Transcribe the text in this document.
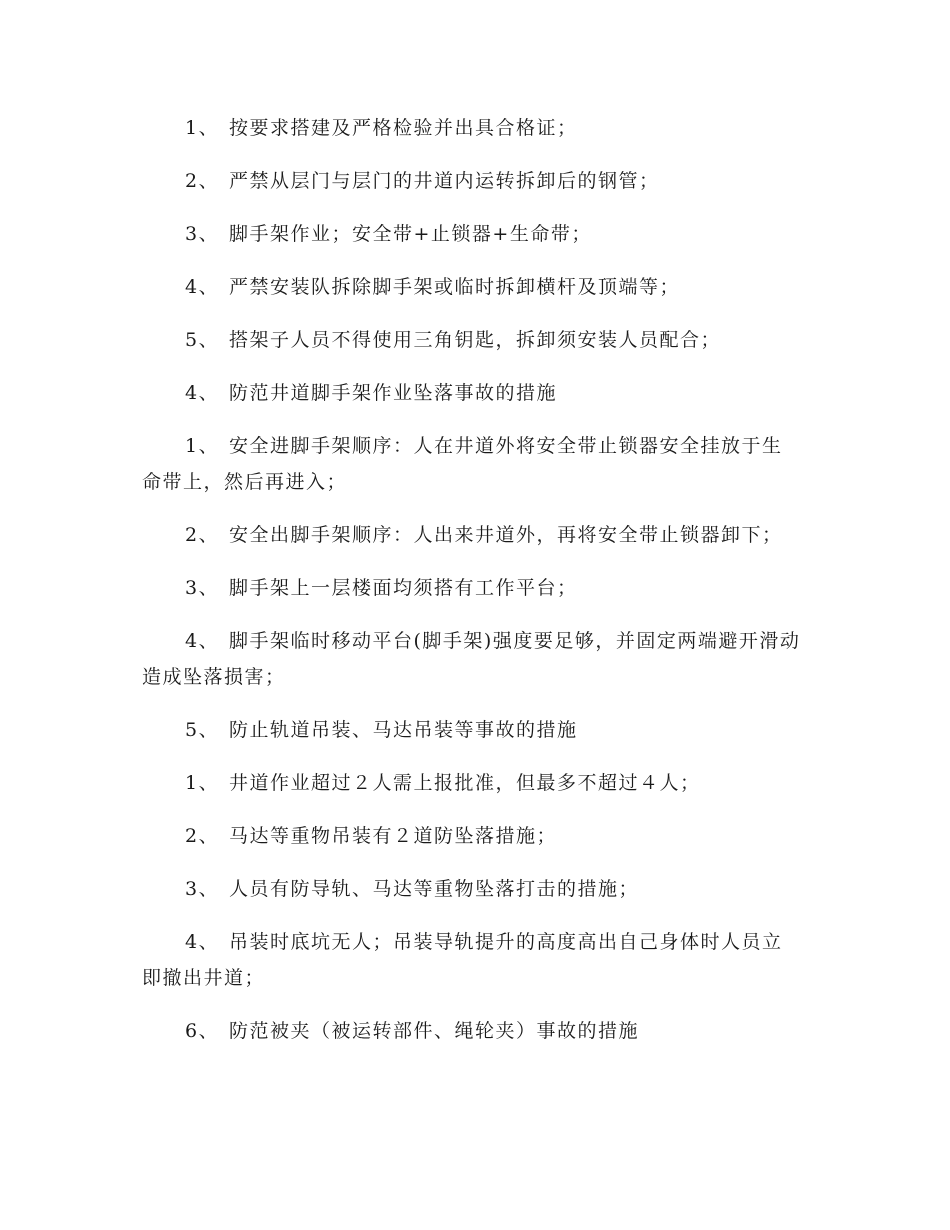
1、 按要求搭建及严格检验并出具合格证；

2、 严禁从层门与层门的井道内运转拆卸后的钢管；

3、 脚手架作业；安全带+止锁器+生命带；

4、 严禁安装队拆除脚手架或临时拆卸横杆及顶端等；

5、 搭架子人员不得使用三角钥匙，拆卸须安装人员配合；

4、 防范井道脚手架作业坠落事故的措施

1、 安全进脚手架顺序：人在井道外将安全带止锁器安全挂放于生命带上，然后再进入；

2、 安全出脚手架顺序：人出来井道外，再将安全带止锁器卸下；

3、 脚手架上一层楼面均须搭有工作平台；

4、 脚手架临时移动平台(脚手架)强度要足够，并固定两端避开滑动造成坠落损害；

5、 防止轨道吊装、马达吊装等事故的措施

1、 井道作业超过２人需上报批准，但最多不超过４人；

2、 马达等重物吊装有２道防坠落措施；

3、 人员有防导轨、马达等重物坠落打击的措施；

4、 吊装时底坑无人；吊装导轨提升的高度高出自己身体时人员立即撤出井道；

6、 防范被夹（被运转部件、绳轮夹）事故的措施
